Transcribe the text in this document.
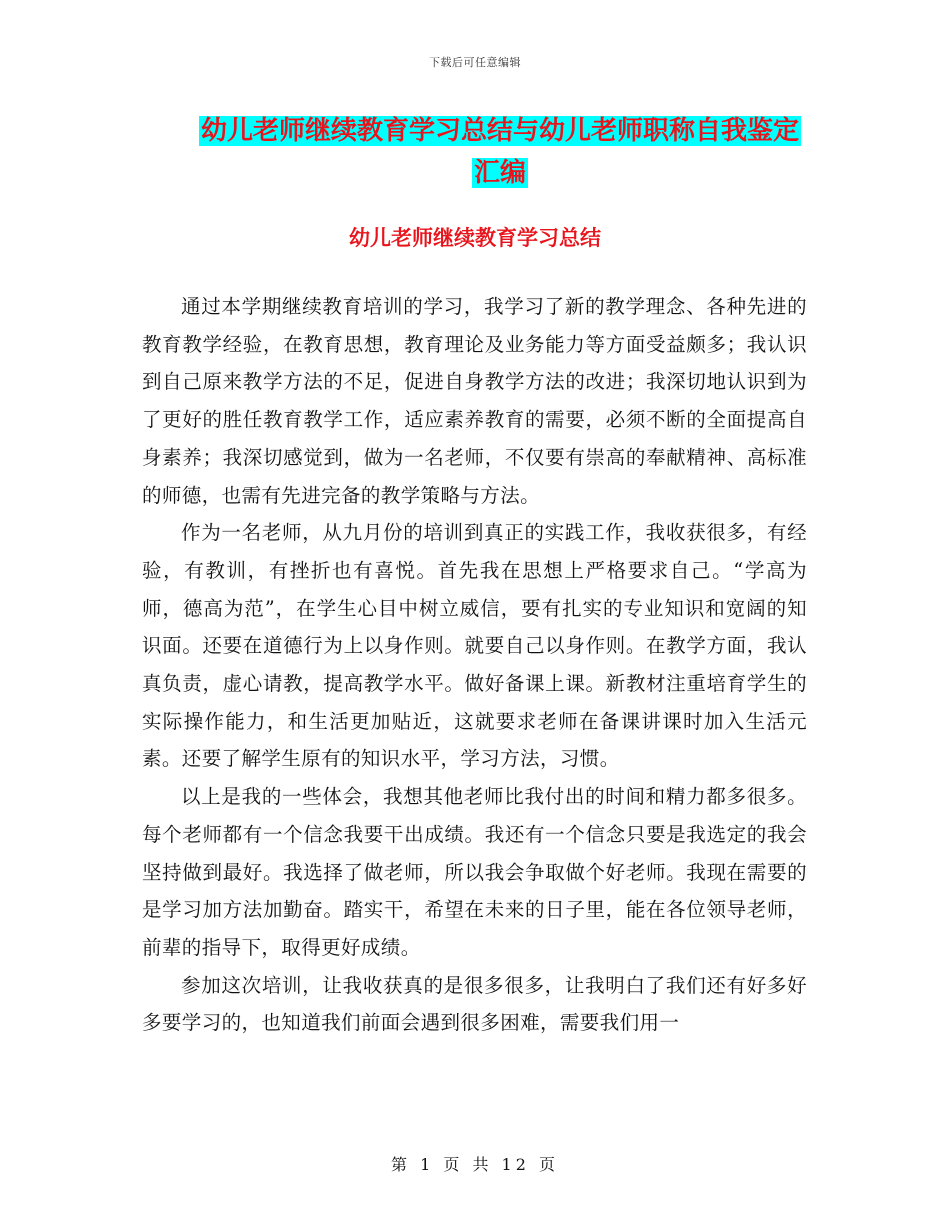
下载后可任意编辑
幼儿老师继续教育学习总结与幼儿老师职称自我鉴定
汇编
幼儿老师继续教育学习总结

通过本学期继续教育培训的学习，我学习了新的教学理念、各种先进的教育教学经验，在教育思想，教育理论及业务能力等方面受益颇多；我认识到自己原来教学方法的不足，促进自身教学方法的改进；我深切地认识到为了更好的胜任教育教学工作，适应素养教育的需要，必须不断的全面提高自身素养；我深切感觉到，做为一名老师，不仅要有崇高的奉献精神、高标准的师德，也需有先进完备的教学策略与方法。

作为一名老师，从九月份的培训到真正的实践工作，我收获很多，有经验，有教训，有挫折也有喜悦。首先我在思想上严格要求自己。“学高为师，德高为范”，在学生心目中树立威信，要有扎实的专业知识和宽阔的知识面。还要在道德行为上以身作则。就要自己以身作则。在教学方面，我认真负责，虚心请教，提高教学水平。做好备课上课。新教材注重培育学生的实际操作能力，和生活更加贴近，这就要求老师在备课讲课时加入生活元素。还要了解学生原有的知识水平，学习方法，习惯。

以上是我的一些体会，我想其他老师比我付出的时间和精力都多很多。每个老师都有一个信念我要干出成绩。我还有一个信念只要是我选定的我会坚持做到最好。我选择了做老师，所以我会争取做个好老师。我现在需要的是学习加方法加勤奋。踏实干，希望在未来的日子里，能在各位领导老师，前辈的指导下，取得更好成绩。

参加这次培训，让我收获真的是很多很多，让我明白了我们还有好多好多要学习的，也知道我们前面会遇到很多困难，需要我们用一

第 1 页 共 12 页
